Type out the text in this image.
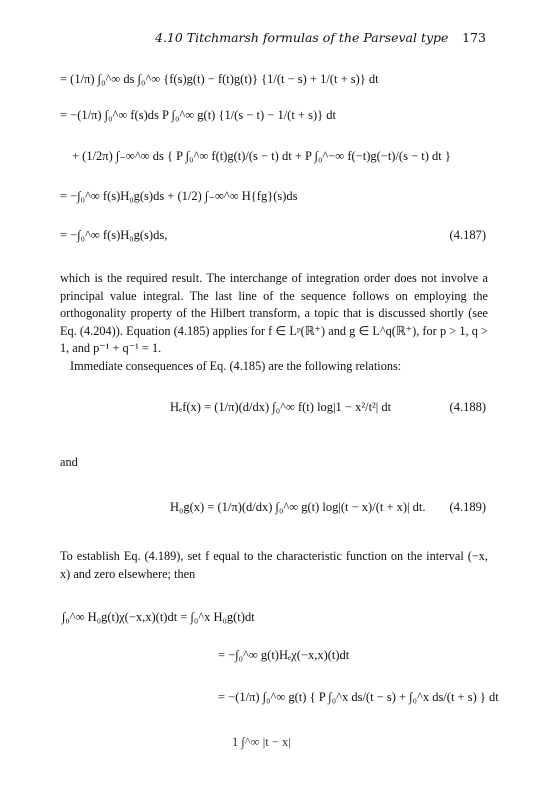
4.10 Titchmarsh formulas of the Parseval type 173
= (1/π) ∫₀^∞ ds ∫₀^∞ {f(s)g(t) − f(t)g(t)} {1/(t − s) + 1/(t + s)} dt
= −(1/π) ∫₀^∞ f(s)ds P ∫₀^∞ g(t) {1/(s − t) − 1/(t + s)} dt
+ (1/2π) ∫₋∞^∞ ds { P ∫₀^∞ f(t)g(t)/(s − t) dt + P ∫₀^−∞ f(−t)g(−t)/(s − t) dt }
= −∫₀^∞ f(s)H₀g(s)ds + (1/2) ∫₋∞^∞ H{fg}(s)ds
= −∫₀^∞ f(s)H₀g(s)ds,	(4.187)

which is the required result. The interchange of integration order does not involve a principal value integral. The last line of the sequence follows on employing the orthogonality property of the Hilbert transform, a topic that is discussed shortly (see Eq. (4.204)). Equation (4.185) applies for f ∈ Lᵖ(ℝ⁺) and g ∈ L^q(ℝ⁺), for p > 1, q > 1, and p⁻¹ + q⁻¹ = 1.

Immediate consequences of Eq. (4.185) are the following relations:

Hₑf(x) = (1/π)(d/dx) ∫₀^∞ f(t) log|1 − x²/t²| dt	(4.188)
and
H₀g(x) = (1/π)(d/dx) ∫₀^∞ g(t) log|(t − x)/(t + x)| dt.	(4.189)

To establish Eq. (4.189), set f equal to the characteristic function on the interval (−x, x) and zero elsewhere; then

∫₀^∞ H₀g(t)χ(−x,x)(t)dt = ∫₀^x H₀g(t)dt
= −∫₀^∞ g(t)Hₑχ(−x,x)(t)dt
= −(1/π) ∫₀^∞ g(t) { P ∫₀^x ds/(t − s) + ∫₀^x ds/(t + s) } dt
1 ∫^∞ |t − x|
